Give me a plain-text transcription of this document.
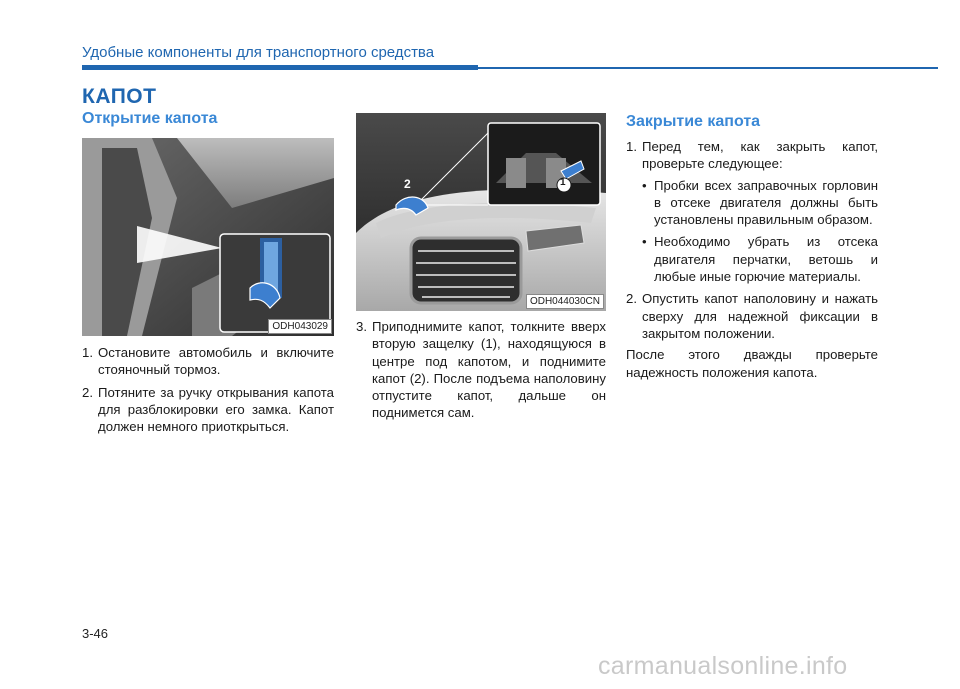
Удобные компоненты для транспортного средства
КАПОТ
Открытие капота
ODH043029
1. Остановите автомобиль и включите стояночный тормоз.
2. Потяните за ручку открывания капота для разблокировки его замка. Капот должен немного приоткрыться.
1
2
ODH044030CN
3. Приподнимите капот, толкните вверх вторую защелку (1), находящуюся в центре под капотом, и поднимите капот (2). После подъема наполовину отпустите капот, дальше он поднимется сам.
Закрытие капота
1. Перед тем, как закрыть капот, проверьте следующее:
• Пробки всех заправочных горловин в отсеке двигателя должны быть установлены правильным образом.
• Необходимо убрать из отсека двигателя перчатки, ветошь и любые иные горючие материалы.
2. Опустить капот наполовину и нажать сверху для надежной фиксации в закрытом положении.

После этого дважды проверьте надежность положения капота.

3-46
carmanualsonline.info
